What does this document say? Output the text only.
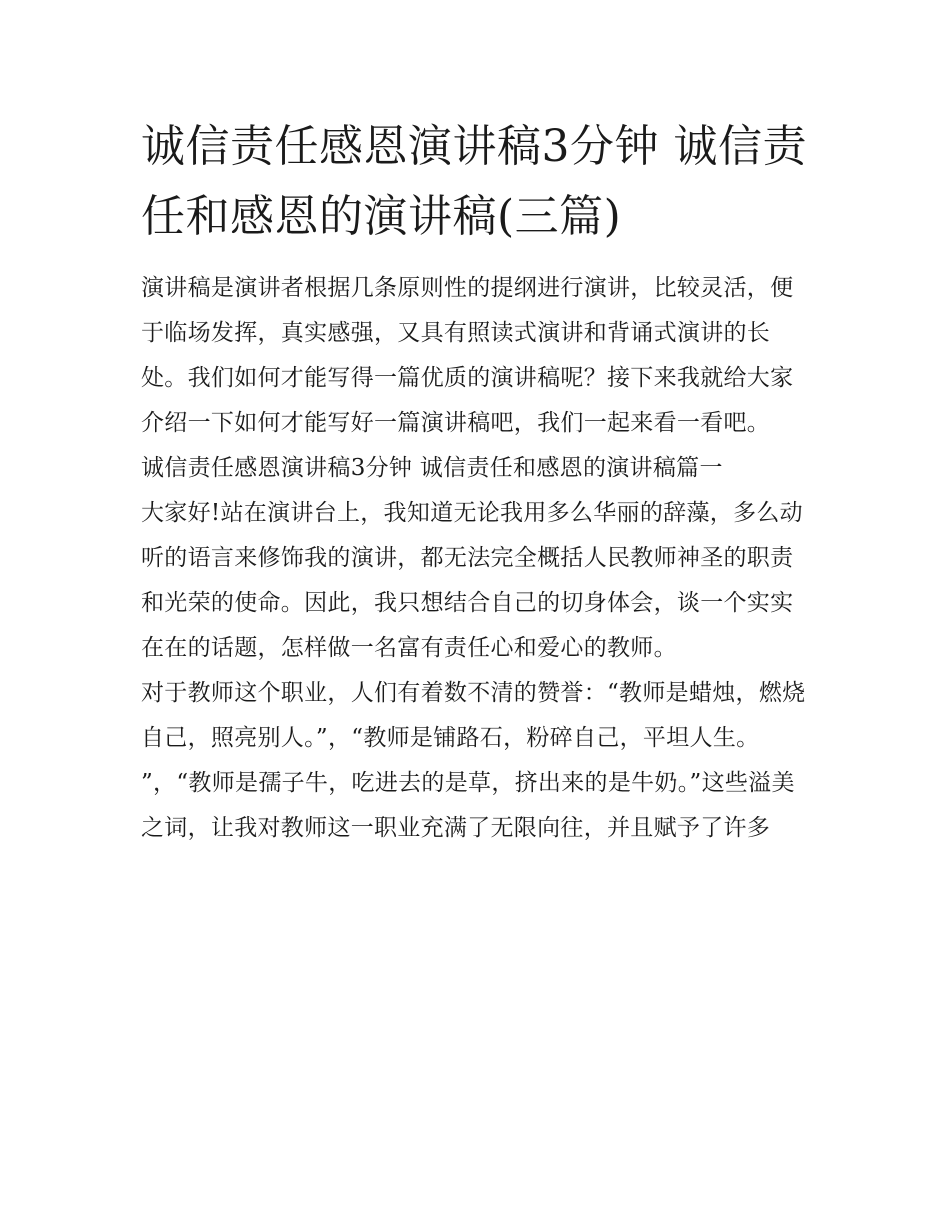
诚信责任感恩演讲稿3分钟 诚信责任和感恩的演讲稿(三篇)

演讲稿是演讲者根据几条原则性的提纲进行演讲，比较灵活，便于临场发挥，真实感强，又具有照读式演讲和背诵式演讲的长处。我们如何才能写得一篇优质的演讲稿呢？接下来我就给大家介绍一下如何才能写好一篇演讲稿吧，我们一起来看一看吧。

诚信责任感恩演讲稿3分钟 诚信责任和感恩的演讲稿篇一

大家好!站在演讲台上，我知道无论我用多么华丽的辞藻，多么动听的语言来修饰我的演讲，都无法完全概括人民教师神圣的职责和光荣的使命。因此，我只想结合自己的切身体会，谈一个实实在在的话题，怎样做一名富有责任心和爱心的教师。

对于教师这个职业，人们有着数不清的赞誉：“教师是蜡烛，燃烧自己，照亮别人。”，“教师是铺路石，粉碎自己，平坦人生。

”，“教师是孺子牛，吃进去的是草，挤出来的是牛奶。”这些溢美之词，让我对教师这一职业充满了无限向往，并且赋予了许多
